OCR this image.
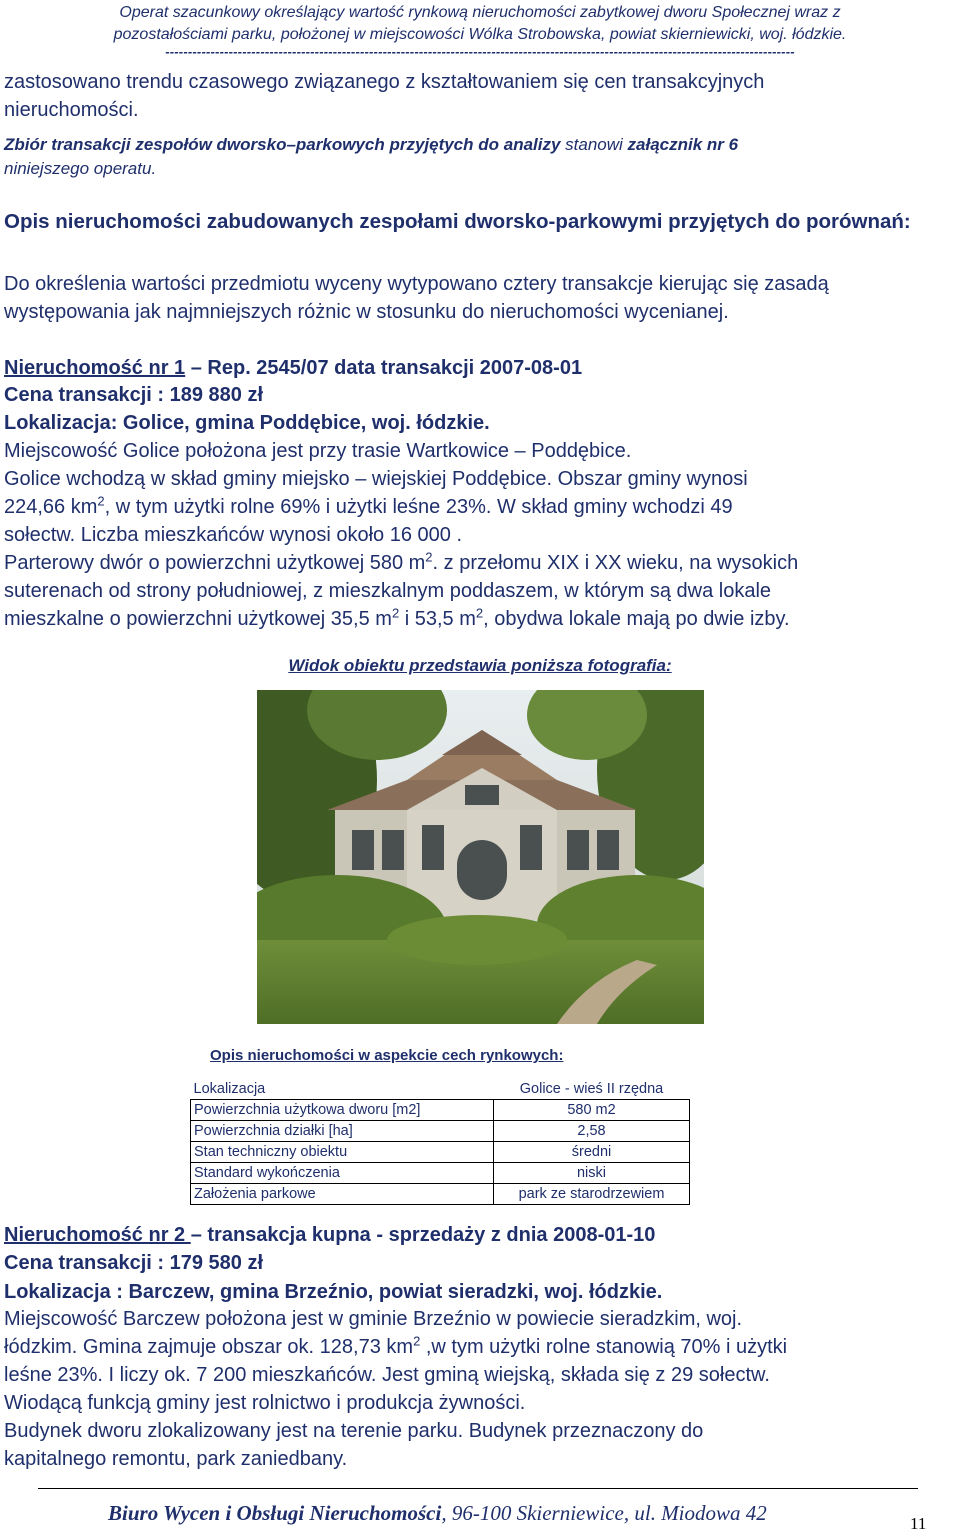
Operat szacunkowy określający wartość rynkową nieruchomości zabytkowej dworu Społecznej wraz z
pozostałościami parku, położonej w miejscowości Wólka Strobowska, powiat skierniewicki, woj. łódzkie.
-------------------------------------------------------------------------------------------------------------------------------------------
zastosowano trendu czasowego związanego z kształtowaniem się cen transakcyjnych
nieruchomości.
Zbiór transakcji zespołów dworsko–parkowych przyjętych do analizy stanowi załącznik nr 6
niniejszego operatu.
Opis nieruchomości zabudowanych zespołami dworsko-parkowymi przyjętych do porównań:
Do określenia wartości przedmiotu wyceny wytypowano cztery transakcje kierując się zasadą występowania jak najmniejszych różnic w stosunku do nieruchomości wycenianej.
Nieruchomość nr 1 – Rep. 2545/07 data transakcji 2007-08-01
Cena transakcji : 189 880 zł
Lokalizacja: Golice, gmina Poddębice, woj. łódzkie.
Miejscowość Golice położona jest przy trasie Wartkowice – Poddębice.
Golice wchodzą w skład gminy miejsko – wiejskiej Poddębice. Obszar gminy wynosi
224,66 $km^2$, w tym użytki rolne 69% i użytki leśne 23%. W skład gminy wchodzi 49
sołectw. Liczba mieszkańców wynosi około 16 000 .
Parterowy dwór o powierzchni użytkowej 580 $m^2$. z przełomu XIX i XX wieku, na wysokich
suterenach od strony południowej, z mieszkalnym poddaszem, w którym są dwa lokale
mieszkalne o powierzchni użytkowej 35,5 $m^2$ i 53,5 $m^2$, obydwa lokale mają po dwie izby.
Widok obiektu przedstawia poniższa fotografia:
Opis nieruchomości w aspekcie cech rynkowych:
Lokalizacja	Golice - wieś II rzędna
Powierzchnia użytkowa dworu [m2]	580 m2
Powierzchnia działki [ha]	2,58
Stan techniczny obiektu	średni
Standard wykończenia	niski
Założenia parkowe	park ze starodrzewiem
Nieruchomość nr 2 – transakcja kupna - sprzedaży z dnia 2008-01-10
Cena transakcji : 179 580 zł
Lokalizacja : Barczew, gmina Brzeźnio, powiat sieradzki, woj. łódzkie.
Miejscowość Barczew położona jest w gminie Brzeźnio w powiecie sieradzkim, woj.
łódzkim. Gmina zajmuje obszar ok. 128,73 $km^2$ ,w tym użytki rolne stanowią 70% i użytki
leśne 23%. I liczy ok. 7 200 mieszkańców. Jest gminą wiejską, składa się z 29 sołectw.
Wiodącą funkcją gminy jest rolnictwo i produkcja żywności.
Budynek dworu zlokalizowany jest na terenie parku. Budynek przeznaczony do
kapitalnego remontu, park zaniedbany.
Biuro Wycen i Obsługi Nieruchomości, 96-100 Skierniewice, ul. Miodowa 42	11
